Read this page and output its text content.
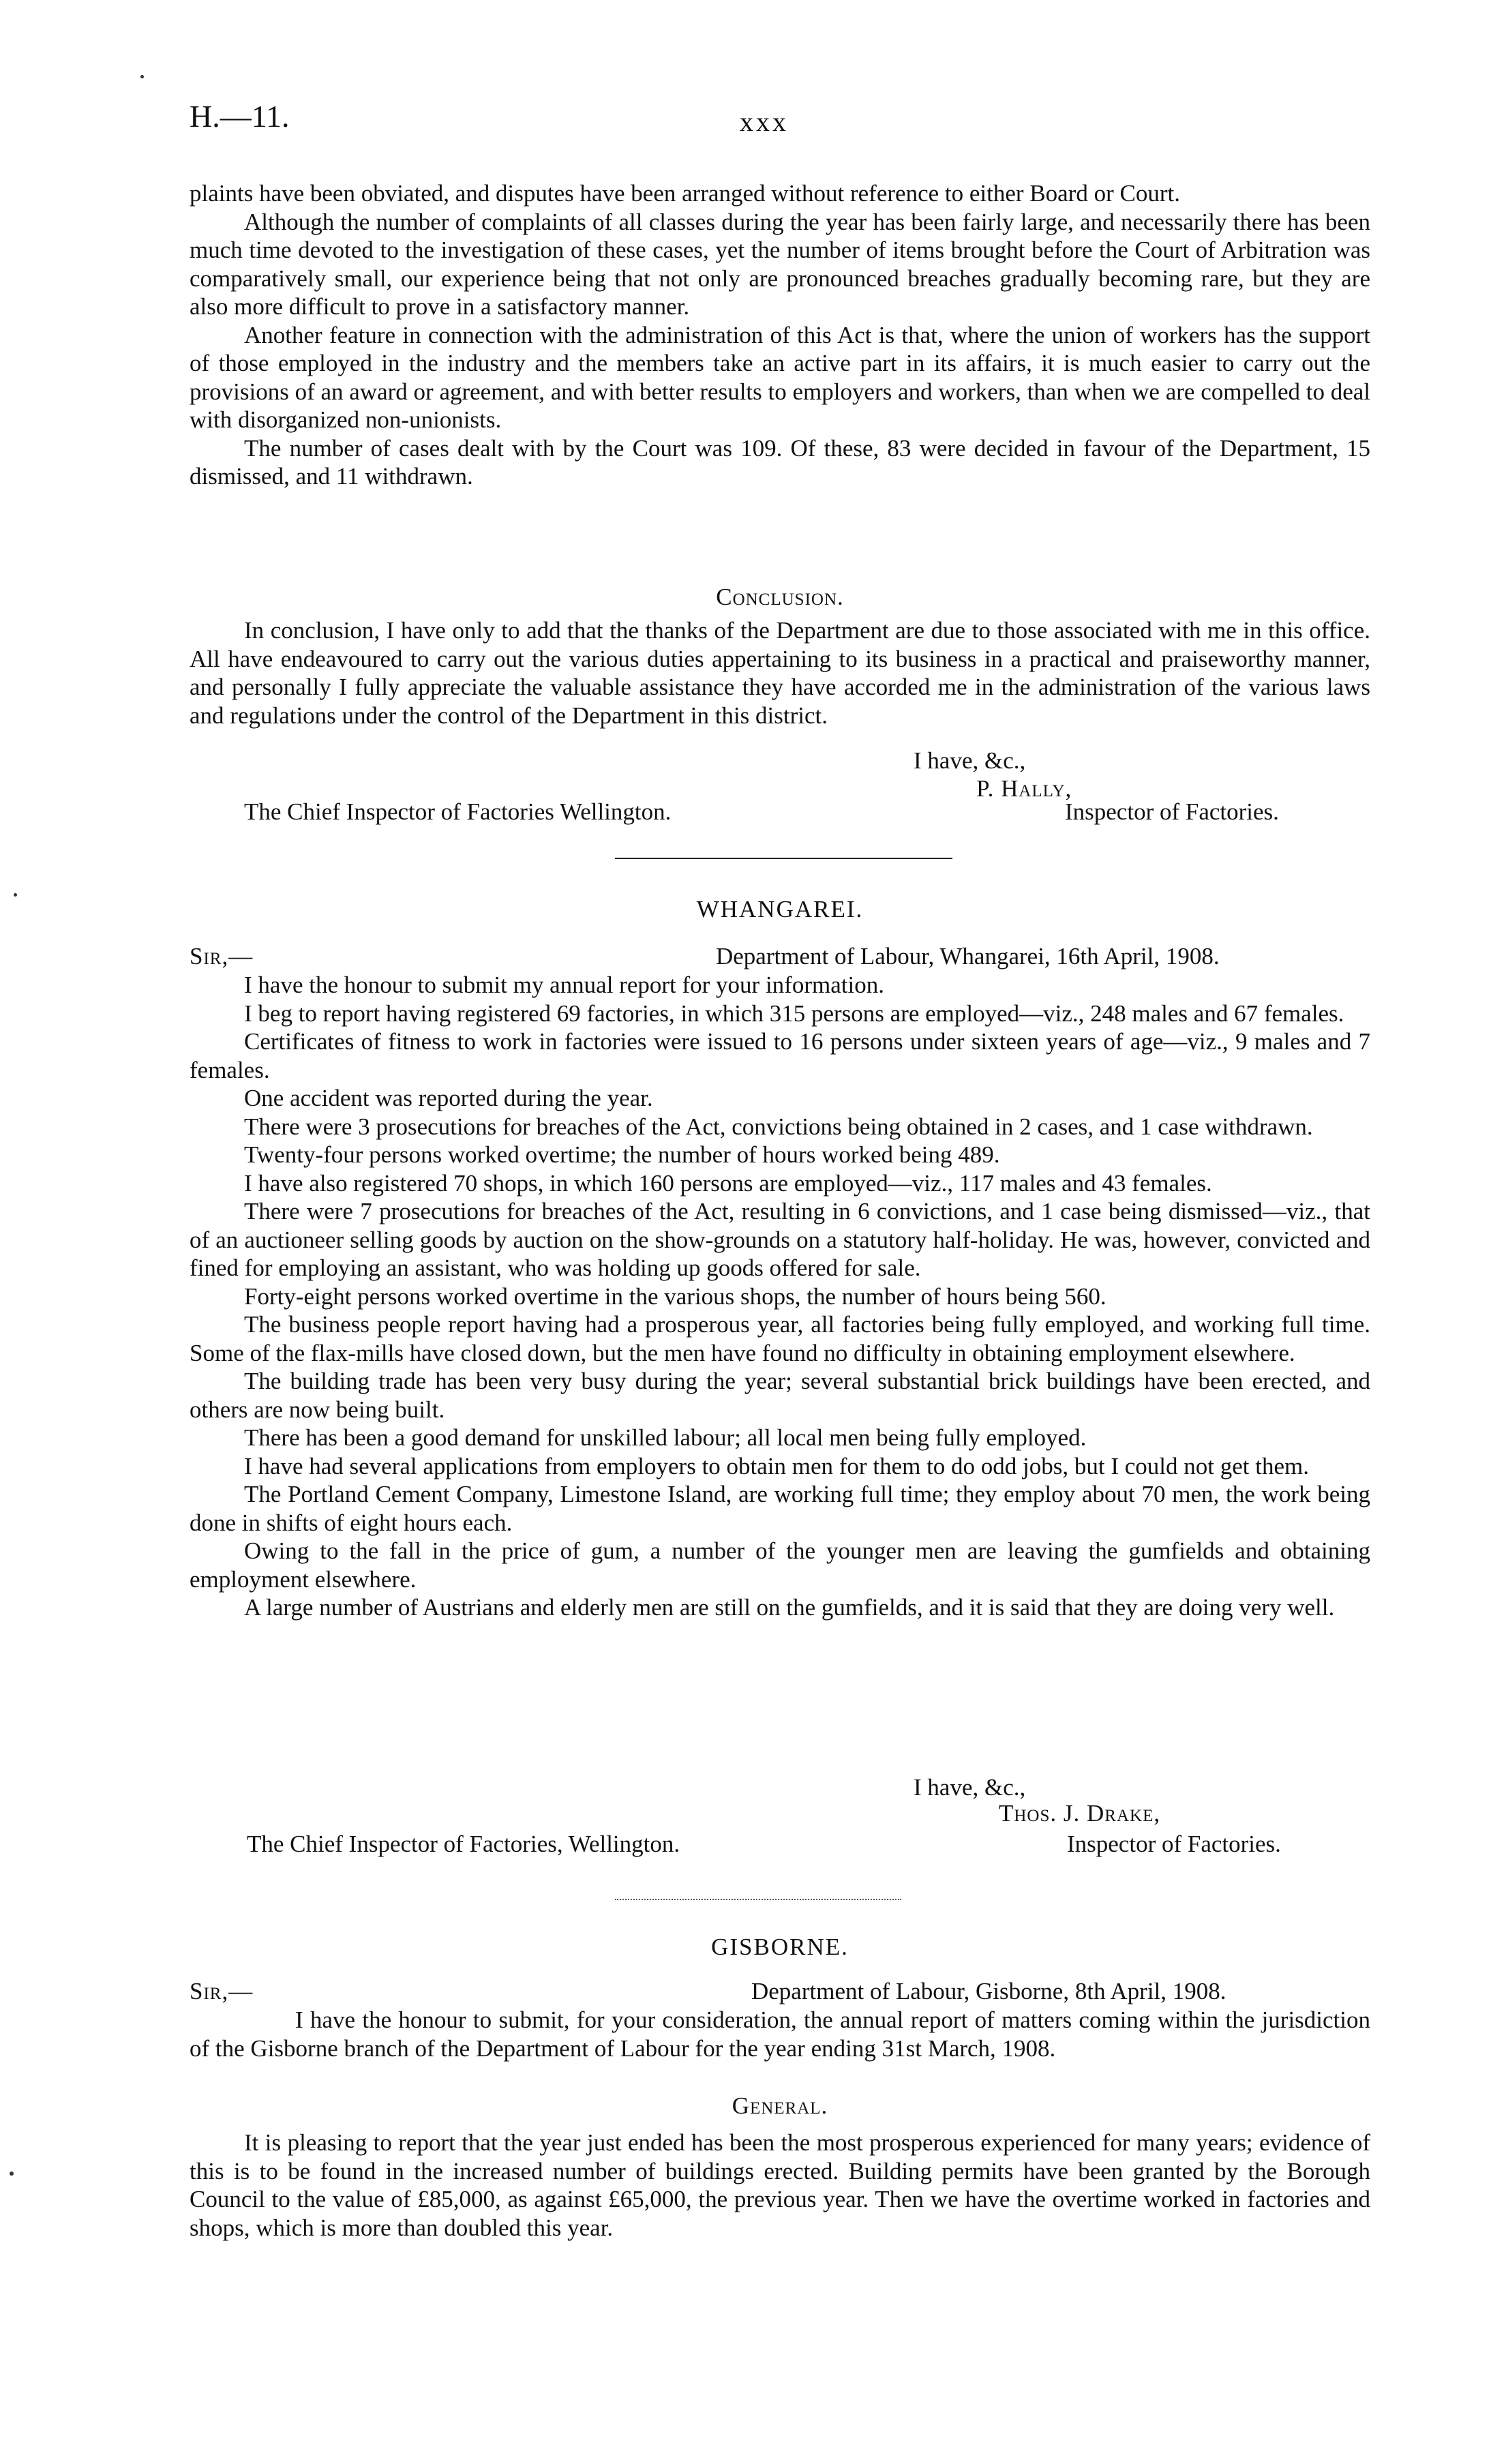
H.—11.	xxx

plaints have been obviated, and disputes have been arranged without reference to either Board or Court.

Although the number of complaints of all classes during the year has been fairly large, and necessarily there has been much time devoted to the investigation of these cases, yet the number of items brought before the Court of Arbitration was comparatively small, our experience being that not only are pronounced breaches gradually becoming rare, but they are also more difficult to prove in a satisfactory manner.

Another feature in connection with the administration of this Act is that, where the union of workers has the support of those employed in the industry and the members take an active part in its affairs, it is much easier to carry out the provisions of an award or agreement, and with better results to employers and workers, than when we are compelled to deal with disorganized non-unionists.

The number of cases dealt with by the Court was 109. Of these, 83 were decided in favour of the Department, 15 dismissed, and 11 withdrawn.

Conclusion.

In conclusion, I have only to add that the thanks of the Department are due to those associated with me in this office. All have endeavoured to carry out the various duties appertaining to its business in a practical and praiseworthy manner, and personally I fully appreciate the valuable assistance they have accorded me in the administration of the various laws and regulations under the control of the Department in this district.

I have, &c.,
P. Hally,
The Chief Inspector of Factories Wellington.	Inspector of Factories.
WHANGAREI.
Sir,—	Department of Labour, Whangarei, 16th April, 1908.

I have the honour to submit my annual report for your information.

I beg to report having registered 69 factories, in which 315 persons are employed—viz., 248 males and 67 females.

Certificates of fitness to work in factories were issued to 16 persons under sixteen years of age—viz., 9 males and 7 females.

One accident was reported during the year.

There were 3 prosecutions for breaches of the Act, convictions being obtained in 2 cases, and 1 case withdrawn.

Twenty-four persons worked overtime; the number of hours worked being 489.

I have also registered 70 shops, in which 160 persons are employed—viz., 117 males and 43 females.

There were 7 prosecutions for breaches of the Act, resulting in 6 convictions, and 1 case being dismissed—viz., that of an auctioneer selling goods by auction on the show-grounds on a statutory half-holiday. He was, however, convicted and fined for employing an assistant, who was holding up goods offered for sale.

Forty-eight persons worked overtime in the various shops, the number of hours being 560.

The business people report having had a prosperous year, all factories being fully employed, and working full time. Some of the flax-mills have closed down, but the men have found no difficulty in obtaining employment elsewhere.

The building trade has been very busy during the year; several substantial brick buildings have been erected, and others are now being built.

There has been a good demand for unskilled labour; all local men being fully employed.

I have had several applications from employers to obtain men for them to do odd jobs, but I could not get them.

The Portland Cement Company, Limestone Island, are working full time; they employ about 70 men, the work being done in shifts of eight hours each.

Owing to the fall in the price of gum, a number of the younger men are leaving the gumfields and obtaining employment elsewhere.

A large number of Austrians and elderly men are still on the gumfields, and it is said that they are doing very well.

I have, &c.,
Thos. J. Drake,
The Chief Inspector of Factories, Wellington.	Inspector of Factories.
GISBORNE.
Sir,—	Department of Labour, Gisborne, 8th April, 1908.

I have the honour to submit, for your consideration, the annual report of matters coming within the jurisdiction of the Gisborne branch of the Department of Labour for the year ending 31st March, 1908.

General.

It is pleasing to report that the year just ended has been the most prosperous experienced for many years; evidence of this is to be found in the increased number of buildings erected. Building permits have been granted by the Borough Council to the value of £85,000, as against £65,000, the previous year. Then we have the overtime worked in factories and shops, which is more than doubled this year.
